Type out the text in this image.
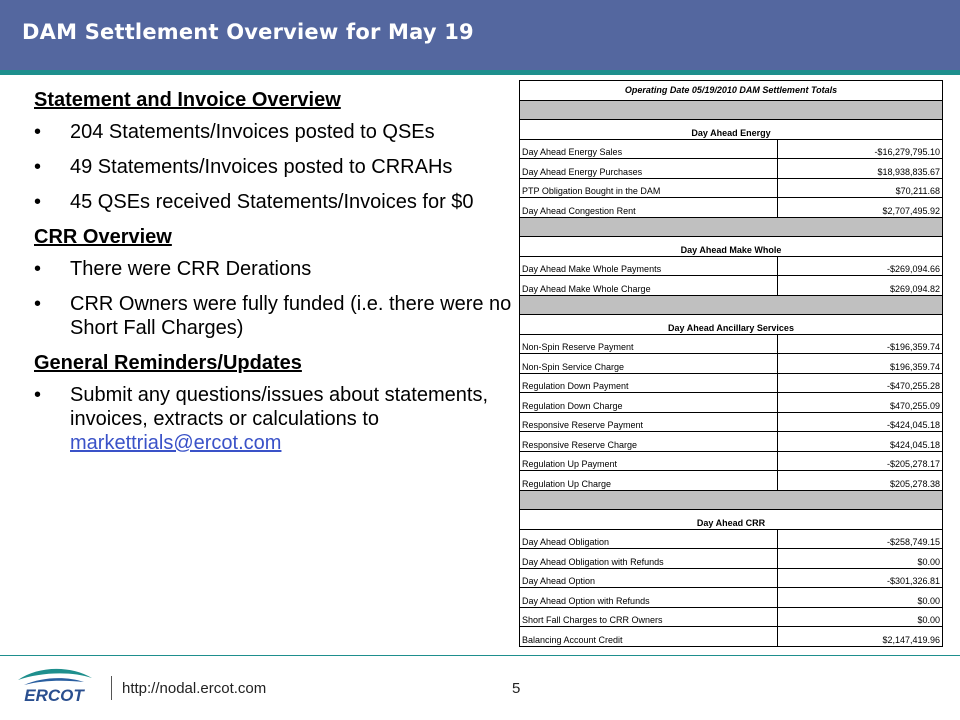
DAM Settlement Overview for May 19
Statement and Invoice Overview
• 204 Statements/Invoices posted to QSEs
• 49 Statements/Invoices posted to CRRAHs
• 45 QSEs received Statements/Invoices for $0
CRR Overview
• There were CRR Derations
• CRR Owners were fully funded (i.e. there were no Short Fall Charges)
General Reminders/Updates
• Submit any questions/issues about statements, invoices, extracts or calculations to markettrials@ercot.com
Operating Date 05/19/2010 DAM Settlement Totals	

Day Ahead Energy	
Day Ahead Energy Sales	-$16,279,795.10
Day Ahead Energy Purchases	$18,938,835.67
PTP Obligation Bought in the DAM	$70,211.68
Day Ahead Congestion Rent	$2,707,495.92

Day Ahead Make Whole	
Day Ahead Make Whole Payments	-$269,094.66
Day Ahead Make Whole Charge	$269,094.82

Day Ahead Ancillary Services	
Non-Spin Reserve Payment	-$196,359.74
Non-Spin Service Charge	$196,359.74
Regulation Down Payment	-$470,255.28
Regulation Down Charge	$470,255.09
Responsive Reserve Payment	-$424,045.18
Responsive Reserve Charge	$424,045.18
Regulation Up Payment	-$205,278.17
Regulation Up Charge	$205,278.38

Day Ahead CRR	
Day Ahead Obligation	-$258,749.15
Day Ahead Obligation with Refunds	$0.00
Day Ahead Option	-$301,326.81
Day Ahead Option with Refunds	$0.00
Short Fall Charges to CRR Owners	$0.00
Balancing Account Credit	$2,147,419.96
ERCOT	http://nodal.ercot.com	5
